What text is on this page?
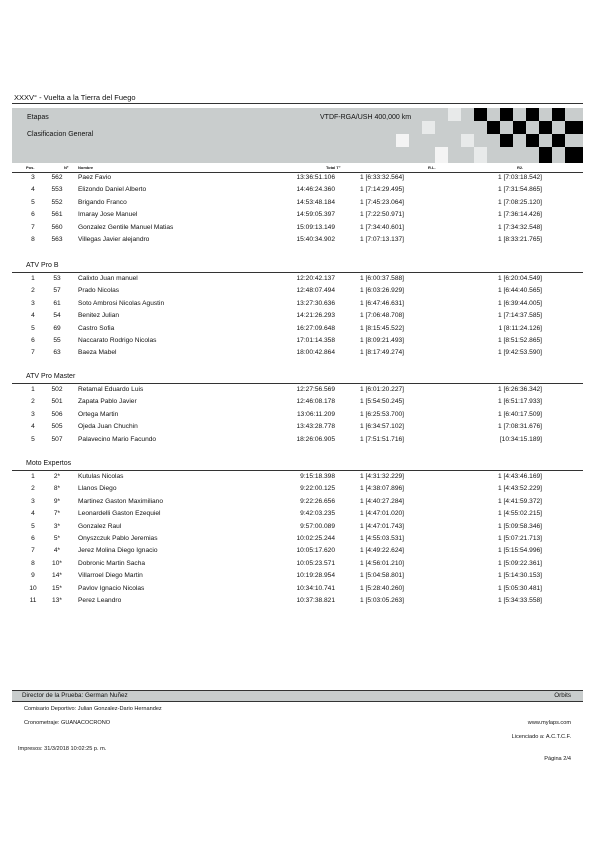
XXXV° - Vuelta a la Tierra del Fuego
Etapas
Clasificacion General
VTDF-RGA/USH 400,000 km
Pos.	Nº Nombre	Total T°	R.L.	R2.
3	562	Paez Favio	13:36:51.106	1 [6:33:32.564]	1 [7:03:18.542]
4	553	Elizondo Daniel Alberto	14:46:24.360	1 [7:14:29.495]	1 [7:31:54.865]
5	552	Brigando Franco	14:53:48.184	1 [7:45:23.064]	1 [7:08:25.120]
6	561	Imaray Jose Manuel	14:59:05.397	1 [7:22:50.971]	1 [7:36:14.426]
7	560	Gonzalez Gentile Manuel Matias	15:09:13.149	1 [7:34:40.601]	1 [7:34:32.548]
8	563	Villegas Javier alejandro	15:40:34.902	1 [7:07:13.137]	1 [8:33:21.765]
ATV Pro B
1	53	Calixto Juan manuel	12:20:42.137	1 [6:00:37.588]	1 [6:20:04.549]
2	57	Prado Nicolas	12:48:07.494	1 [6:03:26.929]	1 [6:44:40.565]
3	61	Soto Ambrosi Nicolas Agustin	13:27:30.636	1 [6:47:46.631]	1 [6:39:44.005]
4	54	Benitez Julian	14:21:26.293	1 [7:06:48.708]	1 [7:14:37.585]
5	69	Castro Sofia	16:27:09.648	1 [8:15:45.522]	1 [8:11:24.126]
6	55	Naccarato Rodrigo Nicolas	17:01:14.358	1 [8:09:21.493]	1 [8:51:52.865]
7	63	Baeza Mabel	18:00:42.864	1 [8:17:49.274]	1 [9:42:53.590]
ATV Pro Master
1	502	Retamal Eduardo Luis	12:27:56.569	1 [6:01:20.227]	1 [6:26:36.342]
2	501	Zapata Pablo Javier	12:46:08.178	1 [5:54:50.245]	1 [6:51:17.933]
3	506	Ortega Martin	13:06:11.209	1 [6:25:53.700]	1 [6:40:17.509]
4	505	Ojeda Juan Chuchin	13:43:28.778	1 [6:34:57.102]	1 [7:08:31.676]
5	507	Palavecino Mario Facundo	18:26:06.905	1 [7:51:51.716]	[10:34:15.189]
Moto Expertos
1	2*	Kutulas Nicolas	9:15:18.398	1 [4:31:32.229]	1 [4:43:46.169]
2	8*	Llanos Diego	9:22:00.125	1 [4:38:07.896]	1 [4:43:52.229]
3	9*	Martinez Gaston Maximiliano	9:22:26.656	1 [4:40:27.284]	1 [4:41:59.372]
4	7*	Leonardelli Gaston Ezequiel	9:42:03.235	1 [4:47:01.020]	1 [4:55:02.215]
5	3*	Gonzalez Raul	9:57:00.089	1 [4:47:01.743]	1 [5:09:58.346]
6	5*	Onyszczuk Pablo Jeremias	10:02:25.244	1 [4:55:03.531]	1 [5:07:21.713]
7	4*	Jerez Molina Diego Ignacio	10:05:17.620	1 [4:49:22.624]	1 [5:15:54.996]
8	10*	Dobronic Martin Sacha	10:05:23.571	1 [4:56:01.210]	1 [5:09:22.361]
9	14*	Villarroel Diego Martin	10:19:28.954	1 [5:04:58.801]	1 [5:14:30.153]
10	15*	Pavlov Ignacio Nicolas	10:34:10.741	1 [5:28:40.260]	1 [5:05:30.481]
11	13*	Perez Leandro	10:37:38.821	1 [5:03:05.263]	1 [5:34:33.558]
Director de la Prueba: German Nuñez	Orbits
Comisario Deportivo: Julian Gonzalez-Dario Hernandez
Cronometraje: GUANACOCRONO	www.mylaps.com
Licenciado a: A.C.T.C.F.
Impresos: 31/3/2018 10:02:25 p. m.
Página 2/4
